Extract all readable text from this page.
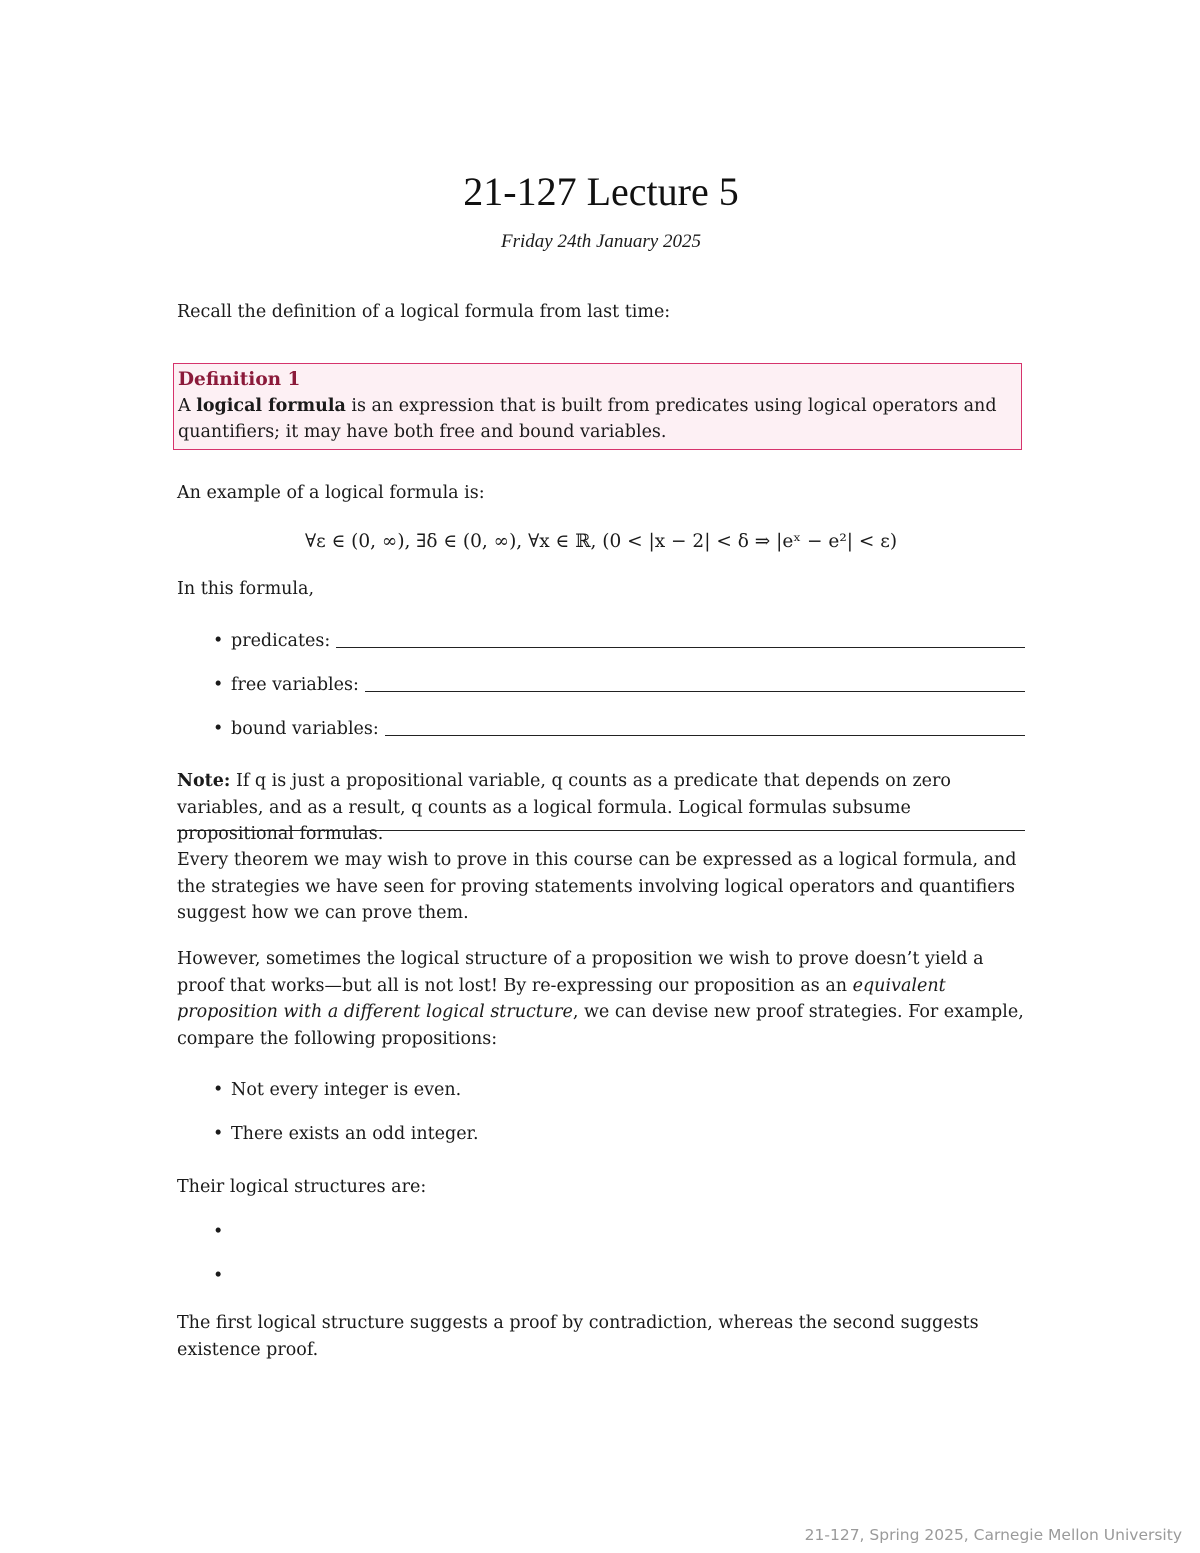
21-127 Lecture 5
Friday 24th January 2025

Recall the definition of a logical formula from last time:

Definition 1
A logical formula is an expression that is built from predicates using logical operators and quantifiers; it may have both free and bound variables.

An example of a logical formula is:

∀ε ∈ (0, ∞), ∃δ ∈ (0, ∞), ∀x ∈ ℝ, (0 < |x − 2| < δ ⇒ |eˣ − e²| < ε)

In this formula,

• predicates:
• free variables:
• bound variables:

Note: If q is just a propositional variable, q counts as a predicate that depends on zero variables, and as a result, q counts as a logical formula. Logical formulas subsume propositional formulas.

Every theorem we may wish to prove in this course can be expressed as a logical formula, and the strategies we have seen for proving statements involving logical operators and quantifiers suggest how we can prove them.

However, sometimes the logical structure of a proposition we wish to prove doesn’t yield a proof that works—but all is not lost! By re-expressing our proposition as an equivalent proposition with a different logical structure, we can devise new proof strategies. For example, compare the following propositions:

• Not every integer is even.
• There exists an odd integer.

Their logical structures are:

•
•

The first logical structure suggests a proof by contradiction, whereas the second suggests existence proof.

21-127, Spring 2025, Carnegie Mellon University
